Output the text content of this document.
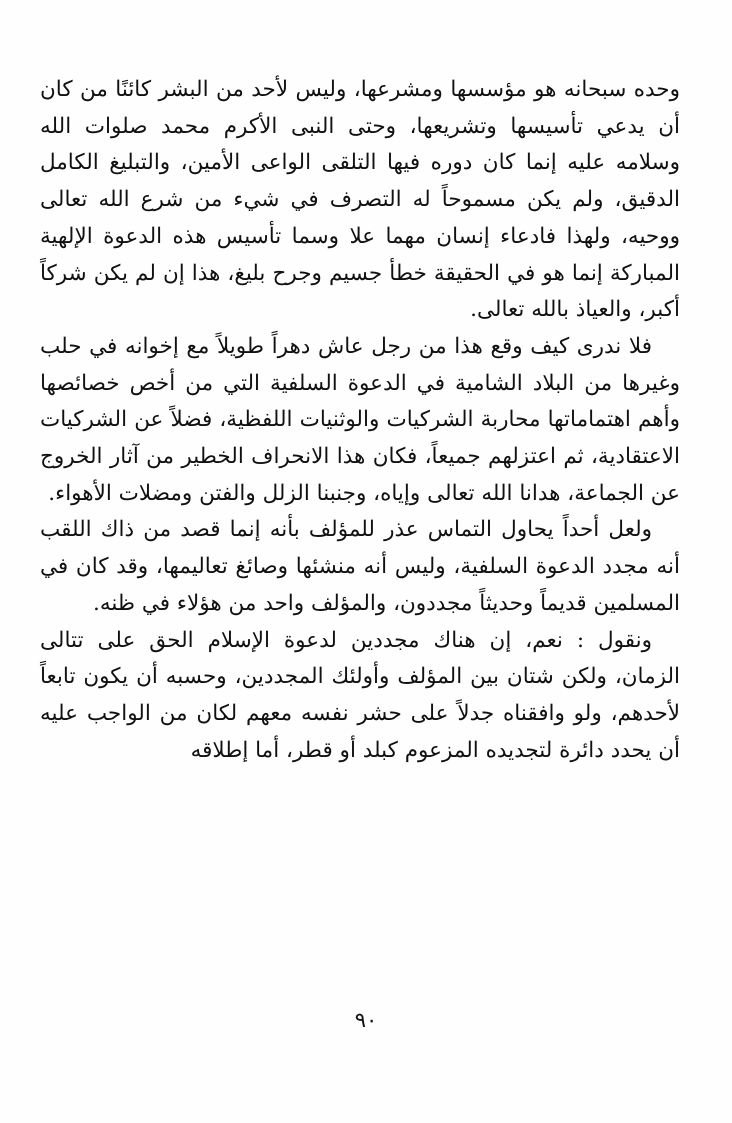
وحده سبحانه هو مؤسسها ومشرعها، وليس لأحد من البشر كائنًا من كان أن يدعي تأسيسها وتشريعها، وحتى النبى الأكرم محمد صلوات الله وسلامه عليه إنما كان دوره فيها التلقى الواعى الأمين، والتبليغ الكامل الدقيق، ولم يكن مسموحاً له التصرف في شيء من شرع الله تعالى ووحيه، ولهذا فادعاء إنسان مهما علا وسما تأسيس هذه الدعوة الإلهية المباركة إنما هو في الحقيقة خطأ جسيم وجرح بليغ، هذا إن لم يكن شركاً أكبر، والعياذ بالله تعالى.

فلا ندرى كيف وقع هذا من رجل عاش دهراً طويلاً مع إخوانه في حلب وغيرها من البلاد الشامية في الدعوة السلفية التي من أخص خصائصها وأهم اهتماماتها محاربة الشركيات والوثنيات اللفظية، فضلاً عن الشركيات الاعتقادية، ثم اعتزلهم جميعاً، فكان هذا الانحراف الخطير من آثار الخروج عن الجماعة، هدانا الله تعالى وإياه، وجنبنا الزلل والفتن ومضلات الأهواء.

ولعل أحداً يحاول التماس عذر للمؤلف بأنه إنما قصد من ذاك اللقب أنه مجدد الدعوة السلفية، وليس أنه منشئها وصائغ تعاليمها، وقد كان في المسلمين قديماً وحديثاً مجددون، والمؤلف واحد من هؤلاء في ظنه.

ونقول : نعم، إن هناك مجددين لدعوة الإسلام الحق على تتالى الزمان، ولكن شتان بين المؤلف وأولئك المجددين، وحسبه أن يكون تابعاً لأحدهم، ولو وافقناه جدلاً على حشر نفسه معهم لكان من الواجب عليه أن يحدد دائرة لتجديده المزعوم كبلد أو قطر، أما إطلاقه

٩٠
